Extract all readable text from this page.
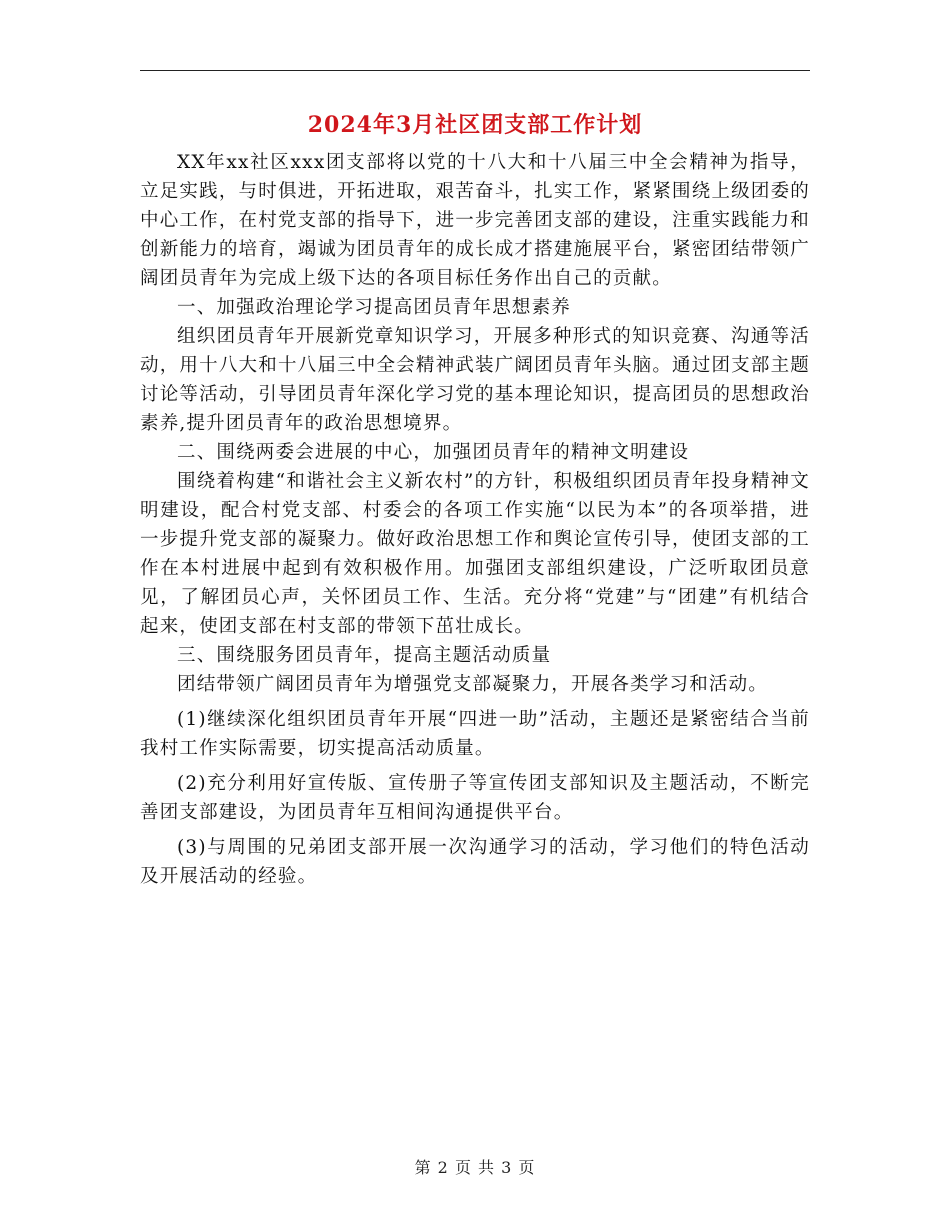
2024年3月社区团支部工作计划

XX年xx社区xxx团支部将以党的十八大和十八届三中全会精神为指导，立足实践，与时俱进，开拓进取，艰苦奋斗，扎实工作，紧紧围绕上级团委的中心工作，在村党支部的指导下，进一步完善团支部的建设，注重实践能力和创新能力的培育，竭诚为团员青年的成长成才搭建施展平台，紧密团结带领广阔团员青年为完成上级下达的各项目标任务作出自己的贡献。

一、加强政治理论学习提高团员青年思想素养

组织团员青年开展新党章知识学习，开展多种形式的知识竞赛、沟通等活动，用十八大和十八届三中全会精神武装广阔团员青年头脑。通过团支部主题讨论等活动，引导团员青年深化学习党的基本理论知识，提高团员的思想政治素养,提升团员青年的政治思想境界。

二、围绕两委会进展的中心，加强团员青年的精神文明建设

围绕着构建“和谐社会主义新农村”的方针，积极组织团员青年投身精神文明建设，配合村党支部、村委会的各项工作实施“以民为本”的各项举措，进一步提升党支部的凝聚力。做好政治思想工作和舆论宣传引导，使团支部的工作在本村进展中起到有效积极作用。加强团支部组织建设，广泛听取团员意见，了解团员心声，关怀团员工作、生活。充分将“党建”与“团建”有机结合起来，使团支部在村支部的带领下茁壮成长。

三、围绕服务团员青年，提高主题活动质量

团结带领广阔团员青年为增强党支部凝聚力，开展各类学习和活动。

(1)继续深化组织团员青年开展“四进一助”活动，主题还是紧密结合当前我村工作实际需要，切实提高活动质量。

(2)充分利用好宣传版、宣传册子等宣传团支部知识及主题活动，不断完善团支部建设，为团员青年互相间沟通提供平台。

(3)与周围的兄弟团支部开展一次沟通学习的活动，学习他们的特色活动及开展活动的经验。

第 2 页 共 3 页
